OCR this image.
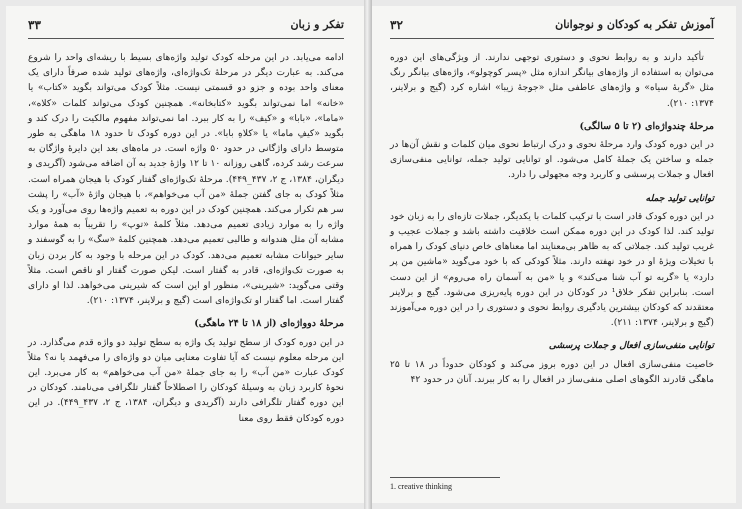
تفکر و زبان
۳۳

ادامه می‌یابد. در این مرحله کودک تولید واژه‌های بسیط با ریشه‌ای واحد را شروع می‌کند. به عبارت دیگر در مرحلهٔ تک‌واژه‌ای، واژه‌های تولید شده صرفاً دارای یک معنای واحد بوده و جزو دو قسمتی نیست. مثلاً کودک می‌تواند بگوید «کتاب» یا «خانه» اما نمی‌تواند بگوید «کتابخانه». همچنین کودک می‌تواند کلمات «کلاه»، «ماما»، «بابا» و «کیف» را به کار ببرد. اما نمی‌تواند مفهوم مالکیت را درک کند و بگوید «کیفِ ماما» یا «کلاهِ بابا». در این دوره کودک تا حدود ۱۸ ماهگی به طور متوسط دارای واژگانی در حدود ۵۰ واژه است. در ماه‌های بعد این دایرهٔ واژگان به سرعت رشد کرده، گاهی روزانه ۱۰ تا ۱۲ واژهٔ جدید به آن اضافه می‌شود (آگریدی و دیگران، ۱۳۸۴، ج ۲، ۴۳۷_۴۴۹). مرحلهٔ تک‌واژه‌ای گفتار کودک با هیجان همراه است. مثلاً کودک به جای گفتن جملهٔ «من آب می‌خواهم»، با هیجان واژهٔ «آب» را پشت سر هم تکرار می‌کند. همچنین کودک در این دوره به تعمیم واژه‌ها روی می‌آورد و یک واژه را به موارد زیادی تعمیم می‌دهد. مثلاً کلمهٔ «توپ» را تقریباً به همهٔ موارد مشابه آن مثل هندوانه و طالبی تعمیم می‌دهد. همچنین کلمهٔ «سگ» را به گوسفند و سایر حیوانات مشابه تعمیم می‌دهد. کودک در این مرحله با وجود به کار بردن زبان به صورت تک‌واژه‌ای، قادر به گفتار است. لیکن صورت گفتار او ناقص است. مثلاً وقتی می‌گوید: «شیرینی»، منظور او این است که شیرینی می‌خواهد. لذا او دارای گفتار است. اما گفتار او تک‌واژه‌ای است (گیج و برلاینر، ۱۳۷۴: ۲۱۰).

مرحلهٔ دوواژه‌ای (از ۱۸ تا ۲۴ ماهگی)

در این دوره کودک از سطح تولید یک واژه به سطح تولید دو واژه قدم می‌گذارد. در این مرحله معلوم نیست که آیا تفاوت معنایی میان دو واژه‌ای را می‌فهمد یا نه؟ مثلاً کودک عبارت «من آب» را به جای جملهٔ «من آب می‌خواهم» به کار می‌برد. این نحوهٔ کاربرد زبان به وسیلهٔ کودکان را اصطلاحاً گفتار تلگرافی می‌نامند. کودکان در این دوره گفتار تلگرافی دارند (آگریدی و دیگران، ۱۳۸۴، ج ۲، ۴۳۷_۴۴۹). در این دوره کودکان فقط روی معنا

آموزش تفکر به کودکان و نوجوانان
۳۲

تأکید دارند و به روابط نحوی و دستوری توجهی ندارند. از ویژگی‌های این دوره می‌توان به استفاده از واژه‌های بیانگر اندازه مثل «پسر کوچولو»، واژه‌های بیانگر رنگ مثل «گربهٔ سیاه» و واژه‌های عاطفی مثل «جوجهٔ زیبا» اشاره کرد (گیج و برلاینر، ۱۳۷۴: ۲۱۰).

مرحلهٔ چندواژه‌ای (۲ تا ۵ سالگی)

در این دوره کودک وارد مرحلهٔ نحوی و درک ارتباط نحوی میان کلمات و نقش آن‌ها در جمله و ساختن یک جملهٔ کامل می‌شود. او توانایی تولید جمله، توانایی منفی‌سازی افعال و جملات پرسشی و کاربرد وجه مجهولی را دارد.

توانایی تولید جمله

در این دوره کودک قادر است با ترکیب کلمات با یکدیگر، جملات تازه‌ای را به زبان خود تولید کند. لذا کودک در این دوره ممکن است خلاقیت داشته باشد و جملات عجیب و غریب تولید کند. جملاتی که به ظاهر بی‌معنایند اما معناهای خاص دنیای کودک را همراه با تخیلات ویژهٔ او در خود نهفته دارند. مثلاً کودکی که با خود می‌گوید «ماشین من پر دارد» یا «گربه تو آب شنا می‌کند» و یا «من به آسمان راه می‌روم» از این دست است. بنابراین تفکر خلاق¹ در کودکان در این دوره پایه‌ریزی می‌شود. گیج و برلاینر معتقدند که کودکان بیشترین یادگیری روابط نحوی و دستوری را در این دوره می‌آموزند (گیج و برلاینر، ۱۳۷۴: ۲۱۱).

توانایی منفی‌سازی افعال و جملات پرسشی

خاصیت منفی‌سازی افعال در این دوره بروز می‌کند و کودکان حدوداً در ۱۸ تا ۲۵ ماهگی قادرند الگوهای اصلی منفی‌ساز در افعال را به کار ببرند. آنان در حدود ۴۲

1. creative thinking
